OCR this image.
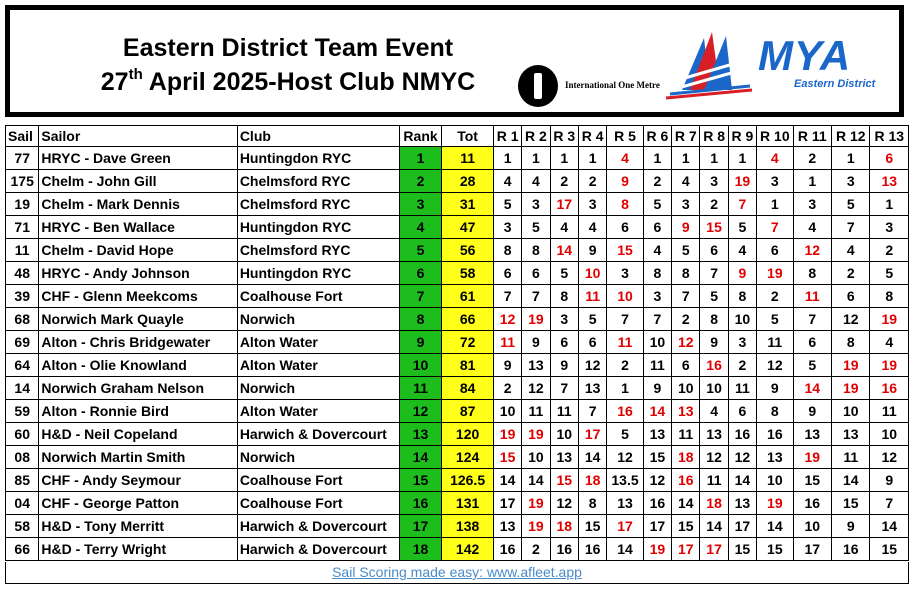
Eastern District Team Event
27th April 2025-Host Club NMYC	International One Metre
MYA
Eastern District
Sail	Sailor	Club	Rank	Tot	R 1	R 2	R 3	R 4	R 5	R 6	R 7	R 8	R 9	R 10	R 11	R 12	R 13
77	HRYC - Dave Green	Huntingdon RYC	1	11	1	1	1	1	4	1	1	1	1	4	2	1	6
175	Chelm - John Gill	Chelmsford RYC	2	28	4	4	2	2	9	2	4	3	19	3	1	3	13
19	Chelm - Mark Dennis	Chelmsford RYC	3	31	5	3	17	3	8	5	3	2	7	1	3	5	1
71	HRYC - Ben Wallace	Huntingdon RYC	4	47	3	5	4	4	6	6	9	15	5	7	4	7	3
11	Chelm - David Hope	Chelmsford RYC	5	56	8	8	14	9	15	4	5	6	4	6	12	4	2
48	HRYC - Andy Johnson	Huntingdon RYC	6	58	6	6	5	10	3	8	8	7	9	19	8	2	5
39	CHF - Glenn Meekcoms	Coalhouse Fort	7	61	7	7	8	11	10	3	7	5	8	2	11	6	8
68	Norwich Mark Quayle	Norwich	8	66	12	19	3	5	7	7	2	8	10	5	7	12	19
69	Alton - Chris Bridgewater	Alton Water	9	72	11	9	6	6	11	10	12	9	3	11	6	8	4
64	Alton - Olie Knowland	Alton Water	10	81	9	13	9	12	2	11	6	16	2	12	5	19	19
14	Norwich Graham Nelson	Norwich	11	84	2	12	7	13	1	9	10	10	11	9	14	19	16
59	Alton - Ronnie Bird	Alton Water	12	87	10	11	11	7	16	14	13	4	6	8	9	10	11
60	H&D - Neil Copeland	Harwich & Dovercourt	13	120	19	19	10	17	5	13	11	13	16	16	13	13	10
08	Norwich Martin Smith	Norwich	14	124	15	10	13	14	12	15	18	12	12	13	19	11	12
85	CHF - Andy Seymour	Coalhouse Fort	15	126.5	14	14	15	18	13.5	12	16	11	14	10	15	14	9
04	CHF - George Patton	Coalhouse Fort	16	131	17	19	12	8	13	16	14	18	13	19	16	15	7
58	H&D - Tony Merritt	Harwich & Dovercourt	17	138	13	19	18	15	17	17	15	14	17	14	10	9	14
66	H&D - Terry Wright	Harwich & Dovercourt	18	142	16	2	16	16	14	19	17	17	15	15	17	16	15
Sail Scoring made easy: www.afleet.app
